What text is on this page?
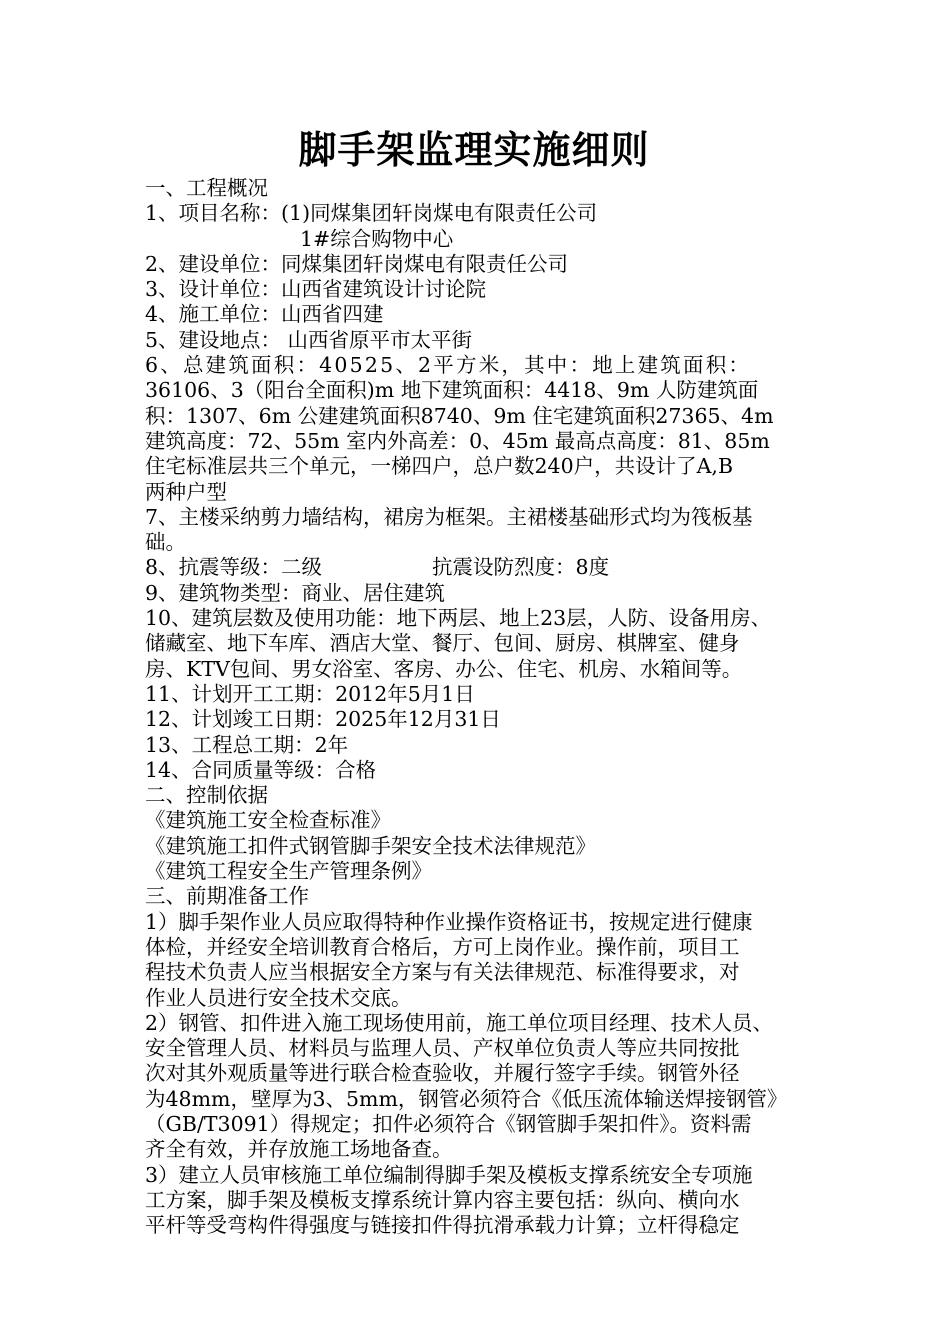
脚手架监理实施细则
一、工程概况
1、项目名称：(1)同煤集团轩岗煤电有限责任公司
1#综合购物中心
2、建设单位：同煤集团轩岗煤电有限责任公司
3、设计单位：山西省建筑设计讨论院
4、施工单位：山西省四建
5、建设地点： 山西省原平市太平街
6、总建筑面积：40525、2平方米，其中：地上建筑面积：
36106、3（阳台全面积)m 地下建筑面积：4418、9m 人防建筑面
积：1307、6m 公建建筑面积8740、9m 住宅建筑面积27365、4m
建筑高度：72、55m 室内外高差：0、45m 最高点高度：81、85m
住宅标准层共三个单元，一梯四户，总户数240户，共设计了A,B
两种户型
7、主楼采纳剪力墙结构，裙房为框架。主裙楼基础形式均为筏板基
础。
8、抗震等级：二级	抗震设防烈度：8度
9、建筑物类型：商业、居住建筑
10、建筑层数及使用功能：地下两层、地上23层，人防、设备用房、
储藏室、地下车库、酒店大堂、餐厅、包间、厨房、棋牌室、健身
房、KTV包间、男女浴室、客房、办公、住宅、机房、水箱间等。
11、计划开工工期：2012年5月1日
12、计划竣工日期：2025年12月31日
13、工程总工期：2年
14、合同质量等级：合格
二、控制依据
《建筑施工安全检查标准》
《建筑施工扣件式钢管脚手架安全技术法律规范》
《建筑工程安全生产管理条例》
三、前期准备工作
1）脚手架作业人员应取得特种作业操作资格证书，按规定进行健康
体检，并经安全培训教育合格后，方可上岗作业。操作前，项目工
程技术负责人应当根据安全方案与有关法律规范、标准得要求，对
作业人员进行安全技术交底。
2）钢管、扣件进入施工现场使用前，施工单位项目经理、技术人员、
安全管理人员、材料员与监理人员、产权单位负责人等应共同按批
次对其外观质量等进行联合检查验收，并履行签字手续。钢管外径
为48mm，壁厚为3、5mm，钢管必须符合《低压流体输送焊接钢管》
（GB/T3091）得规定；扣件必须符合《钢管脚手架扣件》。资料需
齐全有效，并存放施工场地备查。
3）建立人员审核施工单位编制得脚手架及模板支撑系统安全专项施
工方案，脚手架及模板支撑系统计算内容主要包括：纵向、横向水
平杆等受弯构件得强度与链接扣件得抗滑承载力计算；立杆得稳定
